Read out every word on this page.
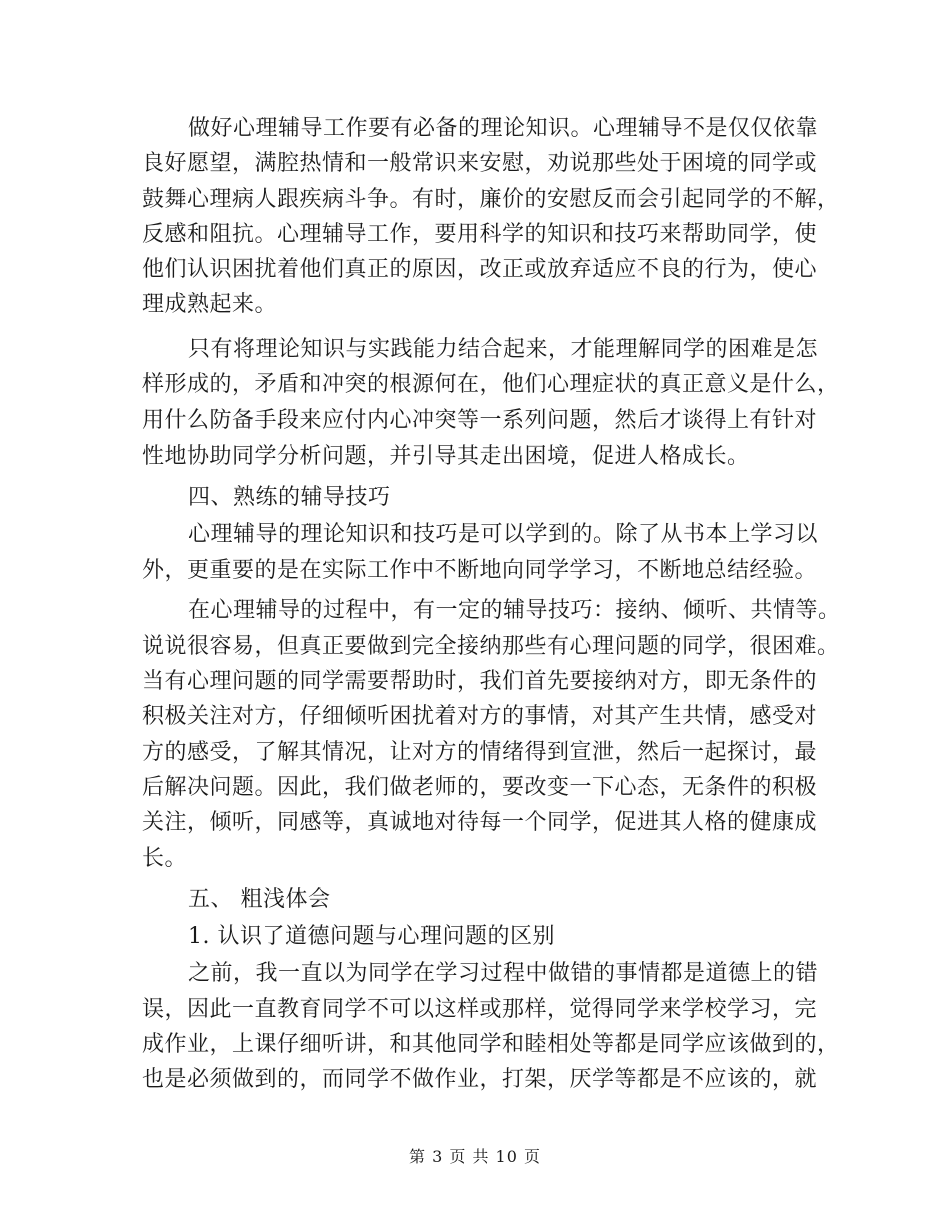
做好心理辅导工作要有必备的理论知识。心理辅导不是仅仅依靠
良好愿望，满腔热情和一般常识来安慰，劝说那些处于困境的同学或
鼓舞心理病人跟疾病斗争。有时，廉价的安慰反而会引起同学的不解，
反感和阻抗。心理辅导工作，要用科学的知识和技巧来帮助同学，使
他们认识困扰着他们真正的原因，改正或放弃适应不良的行为，使心
理成熟起来。
只有将理论知识与实践能力结合起来，才能理解同学的困难是怎
样形成的，矛盾和冲突的根源何在，他们心理症状的真正意义是什么，
用什么防备手段来应付内心冲突等一系列问题，然后才谈得上有针对
性地协助同学分析问题，并引导其走出困境，促进人格成长。
四、熟练的辅导技巧
心理辅导的理论知识和技巧是可以学到的。除了从书本上学习以
外，更重要的是在实际工作中不断地向同学学习，不断地总结经验。
在心理辅导的过程中，有一定的辅导技巧：接纳、倾听、共情等。
说说很容易，但真正要做到完全接纳那些有心理问题的同学，很困难。
当有心理问题的同学需要帮助时，我们首先要接纳对方，即无条件的
积极关注对方，仔细倾听困扰着对方的事情，对其产生共情，感受对
方的感受，了解其情况，让对方的情绪得到宣泄，然后一起探讨，最
后解决问题。因此，我们做老师的，要改变一下心态，无条件的积极
关注，倾听，同感等，真诚地对待每一个同学，促进其人格的健康成
长。
五、 粗浅体会
1. 认识了道德问题与心理问题的区别
之前，我一直以为同学在学习过程中做错的事情都是道德上的错
误，因此一直教育同学不可以这样或那样，觉得同学来学校学习，完
成作业，上课仔细听讲，和其他同学和睦相处等都是同学应该做到的，
也是必须做到的，而同学不做作业，打架，厌学等都是不应该的，就
第 3 页 共 10 页
